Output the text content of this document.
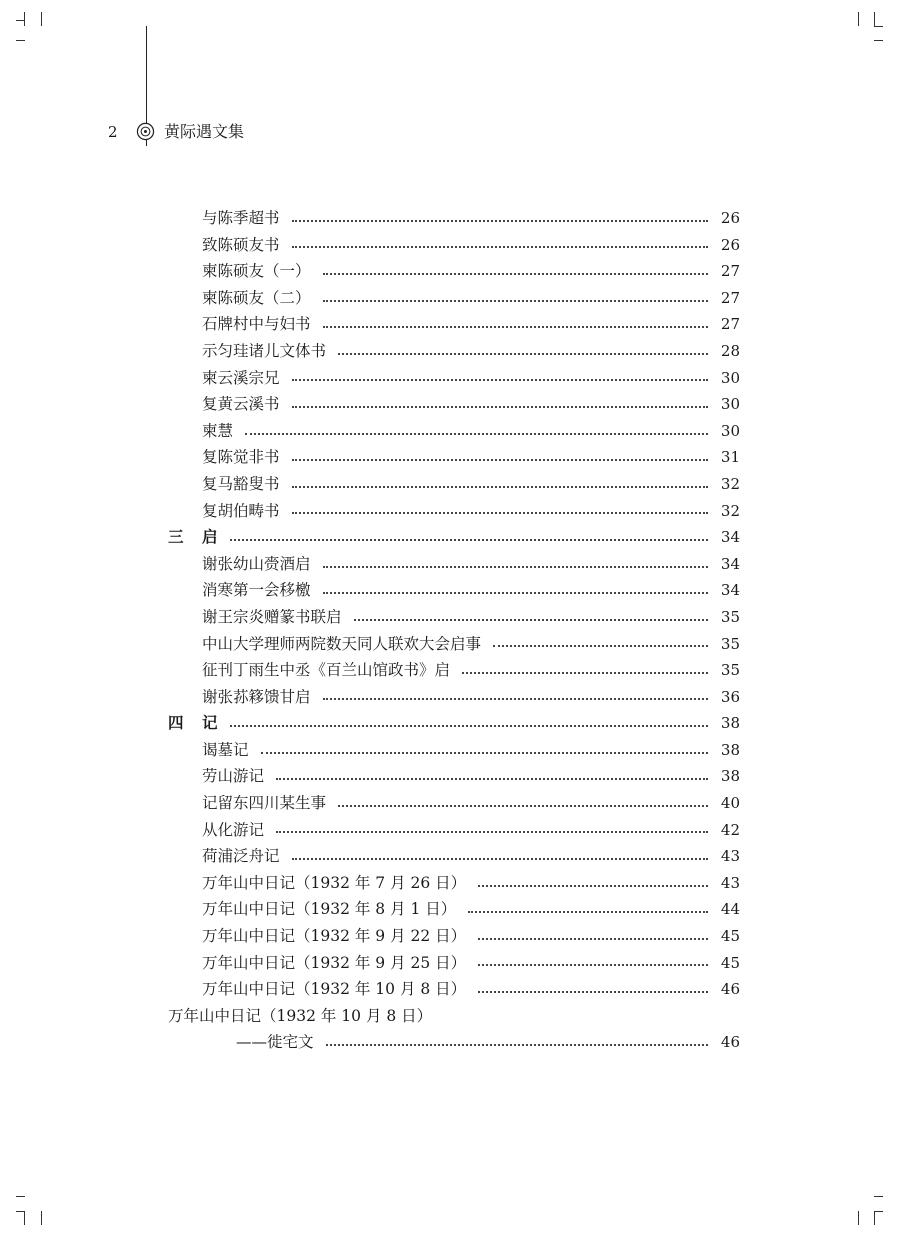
2	黄际遇文集
与陈季超书	26
致陈硕友书	26
柬陈硕友（一）	27
柬陈硕友（二）	27
石牌村中与妇书	27
示匀珪诸儿文体书	28
柬云溪宗兄	30
复黄云溪书	30
柬慧	30
复陈觉非书	31
复马豁叟书	32
复胡伯畴书	32
三	启	34
谢张幼山赍酒启	34
消寒第一会移檄	34
谢王宗炎赠篆书联启	35
中山大学理师两院数天同人联欢大会启事	35
征刊丁雨生中丞《百兰山馆政书》启	35
谢张荪簃馈甘启	36
四	记	38
谒墓记	38
劳山游记	38
记留东四川某生事	40
从化游记	42
荷浦泛舟记	43
万年山中日记（1932 年 7 月 26 日）	43
万年山中日记（1932 年 8 月 1 日）	44
万年山中日记（1932 年 9 月 22 日）	45
万年山中日记（1932 年 9 月 25 日）	45
万年山中日记（1932 年 10 月 8 日）	46
万年山中日记（1932 年 10 月 8 日）
——徙宅文	46
